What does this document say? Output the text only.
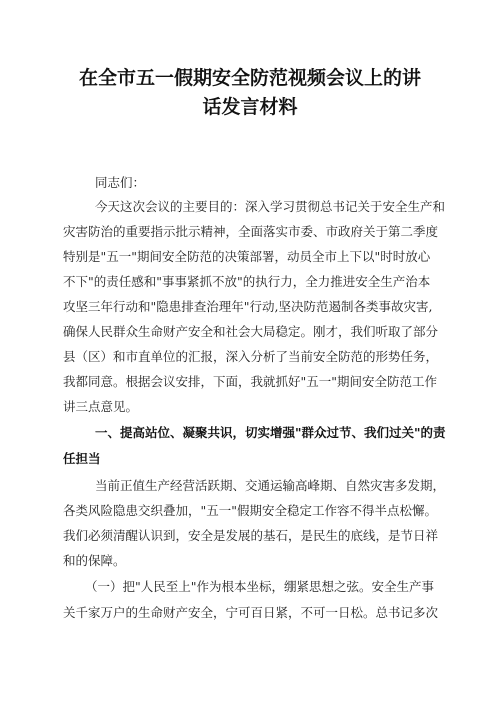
在全市五一假期安全防范视频会议上的讲
话发言材料
同志们：
今天这次会议的主要目的：深入学习贯彻总书记关于安全生产和
灾害防治的重要指示批示精神，全面落实市委、市政府关于第二季度
特别是"五一"期间安全防范的决策部署，动员全市上下以"时时放心
不下"的责任感和"事事紧抓不放"的执行力，全力推进安全生产治本
攻坚三年行动和"隐患排查治理年"行动,坚决防范遏制各类事故灾害,
确保人民群众生命财产安全和社会大局稳定。刚才，我们听取了部分
县（区）和市直单位的汇报，深入分析了当前安全防范的形势任务，
我都同意。根据会议安排，下面，我就抓好"五一"期间安全防范工作
讲三点意见。
一、提高站位、凝聚共识，切实增强"群众过节、我们过关"的责
任担当
当前正值生产经营活跃期、交通运输高峰期、自然灾害多发期，
各类风险隐患交织叠加，"五一"假期安全稳定工作容不得半点松懈。
我们必须清醒认识到，安全是发展的基石，是民生的底线，是节日祥
和的保障。
（一）把"人民至上"作为根本坐标，绷紧思想之弦。安全生产事
关千家万户的生命财产安全，宁可百日紧，不可一日松。总书记多次
